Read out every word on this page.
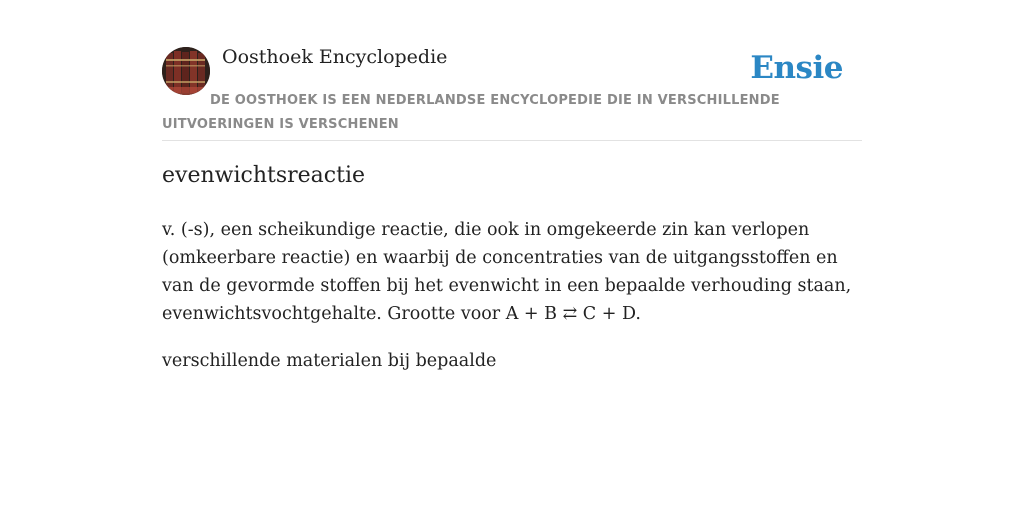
Oosthoek Encyclopedie	Ensie
DE OOSTHOEK IS EEN NEDERLANDSE ENCYCLOPEDIE DIE IN VERSCHILLENDE UITVOERINGEN IS VERSCHENEN
evenwichtsreactie

v. (-s), een scheikundige reactie, die ook in omgekeerde zin kan verlopen (omkeerbare reactie) en waarbij de concentraties van de uitgangsstoffen en van de gevormde stoffen bij het evenwicht in een bepaalde verhouding staan, evenwichtsvochtgehalte. Grootte voor A + B ⇄ C + D.

verschillende materialen bij bepaalde
